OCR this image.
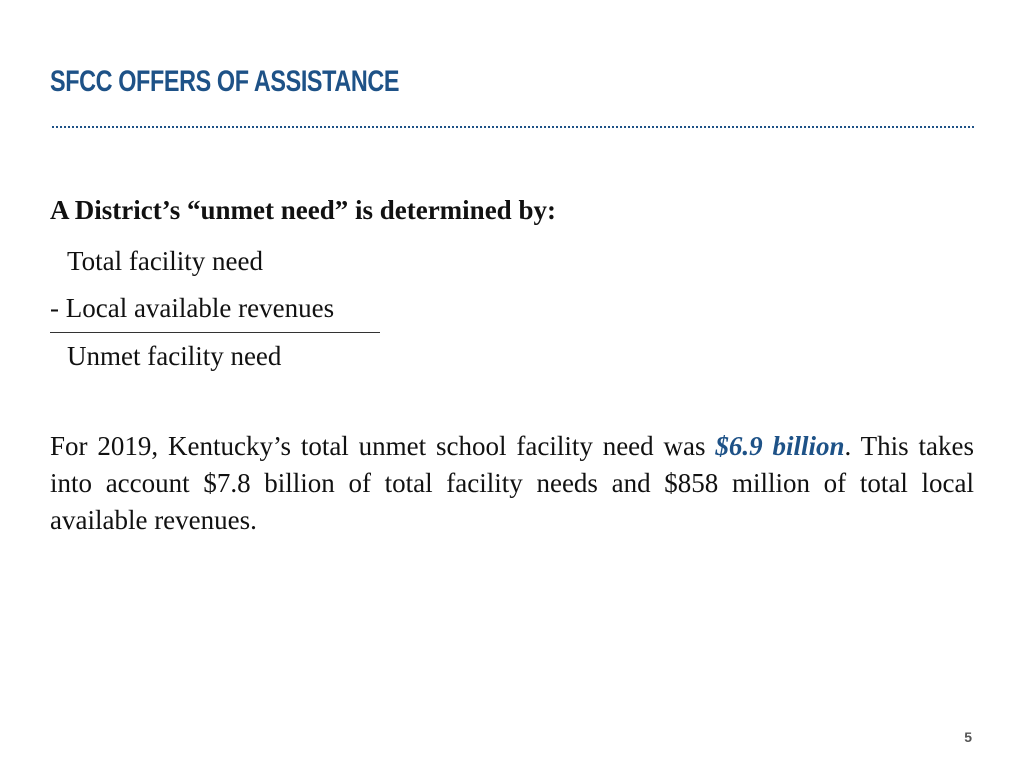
SFCC OFFERS OF ASSISTANCE

A District’s “unmet need” is determined by:

Total facility need
- Local available revenues
Unmet facility need

For 2019, Kentucky’s total unmet school facility need was $6.9 billion. This takes into account $7.8 billion of total facility needs and $858 million of total local available revenues.

5
